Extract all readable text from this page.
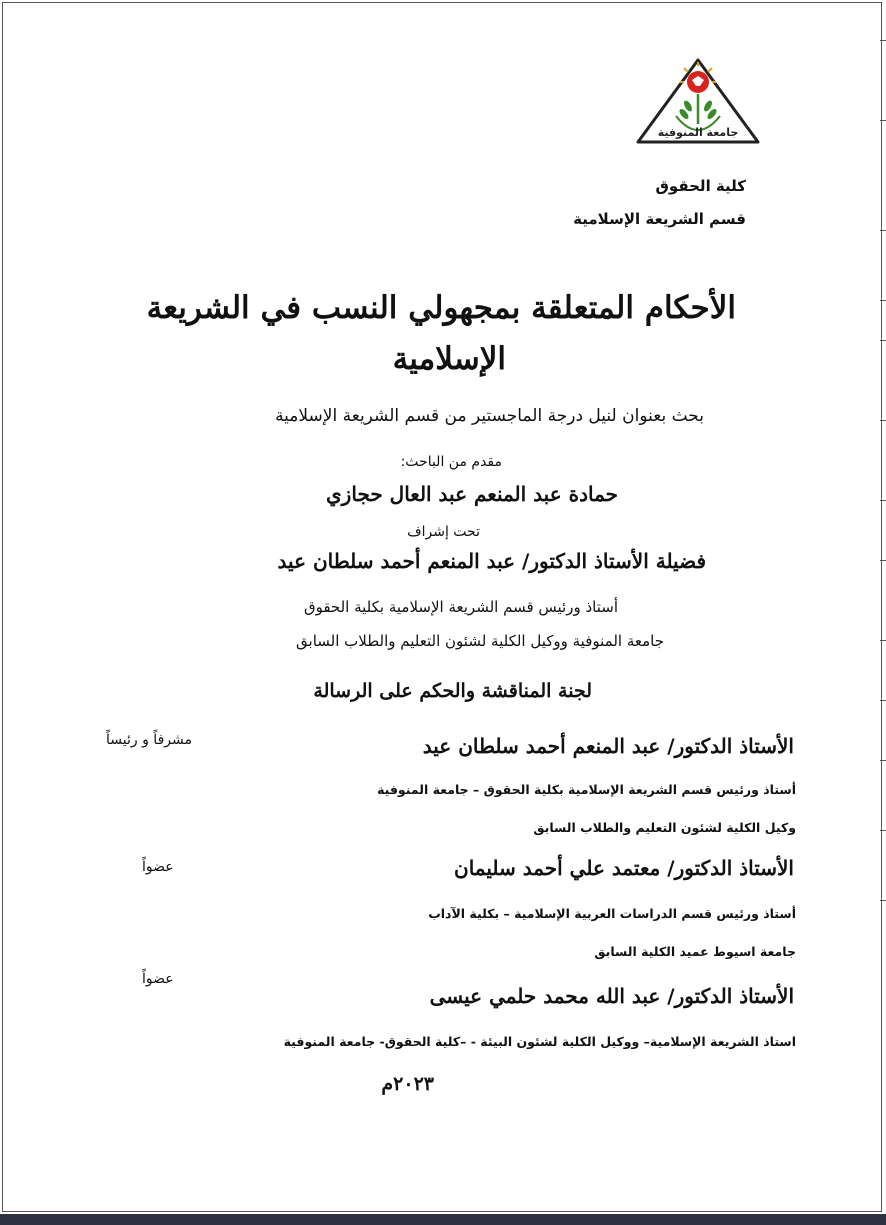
جامعة المنوفية
كلية الحقوق
قسم الشريعة الإسلامية
الأحكام المتعلقة بمجهولي النسب في الشريعة
الإسلامية
بحث بعنوان لنيل درجة الماجستير من قسم الشريعة الإسلامية
مقدم من الباحث:
حمادة عبد المنعم عبد العال حجازي
تحت إشراف
فضيلة الأستاذ الدكتور/ عبد المنعم أحمد سلطان عيد
أستاذ ورئيس قسم الشريعة الإسلامية بكلية الحقوق
جامعة المنوفية ووكيل الكلية لشئون التعليم والطلاب السابق
لجنة المناقشة والحكم على الرسالة
الأستاذ الدكتور/ عبد المنعم أحمد سلطان عيد
مشرفاً و رئيساً
أستاذ ورئيس قسم الشريعة الإسلامية بكلية الحقوق – جامعة المنوفية
وكيل الكلية لشئون التعليم والطلاب السابق
الأستاذ الدكتور/ معتمد علي أحمد سليمان
عضواً
أستاذ ورئيس قسم الدراسات العربية الإسلامية – بكلية الآداب
جامعة اسيوط عميد الكلية السابق
الأستاذ الدكتور/ عبد الله محمد حلمي عيسى
عضواً
استاذ الشريعة الإسلامية– ووكيل الكلية لشئون البيئة - –كلية الحقوق- جامعة المنوفية
٢٠٢٣م
